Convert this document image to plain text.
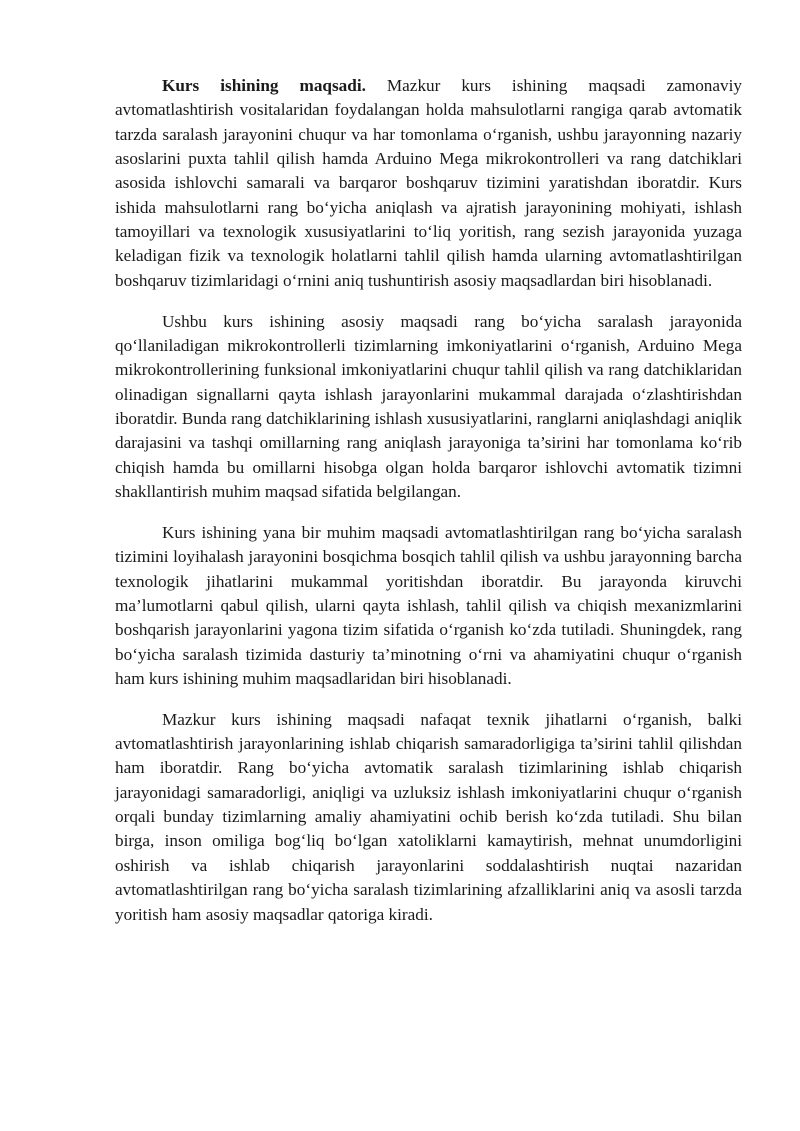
Kurs ishining maqsadi. Mazkur kurs ishining maqsadi zamonaviy avtomatlashtirish vositalaridan foydalangan holda mahsulotlarni rangiga qarab avtomatik tarzda saralash jarayonini chuqur va har tomonlama o‘rganish, ushbu jarayonning nazariy asoslarini puxta tahlil qilish hamda Arduino Mega mikrokontrolleri va rang datchiklari asosida ishlovchi samarali va barqaror boshqaruv tizimini yaratishdan iboratdir. Kurs ishida mahsulotlarni rang bo‘yicha aniqlash va ajratish jarayonining mohiyati, ishlash tamoyillari va texnologik xususiyatlarini to‘liq yoritish, rang sezish jarayonida yuzaga keladigan fizik va texnologik holatlarni tahlil qilish hamda ularning avtomatlashtirilgan boshqaruv tizimlaridagi o‘rnini aniq tushuntirish asosiy maqsadlardan biri hisoblanadi.

Ushbu kurs ishining asosiy maqsadi rang bo‘yicha saralash jarayonida qo‘llaniladigan mikrokontrollerli tizimlarning imkoniyatlarini o‘rganish, Arduino Mega mikrokontrollerining funksional imkoniyatlarini chuqur tahlil qilish va rang datchiklaridan olinadigan signallarni qayta ishlash jarayonlarini mukammal darajada o‘zlashtirishdan iboratdir. Bunda rang datchiklarining ishlash xususiyatlarini, ranglarni aniqlashdagi aniqlik darajasini va tashqi omillarning rang aniqlash jarayoniga ta’sirini har tomonlama ko‘rib chiqish hamda bu omillarni hisobga olgan holda barqaror ishlovchi avtomatik tizimni shakllantirish muhim maqsad sifatida belgilangan.

Kurs ishining yana bir muhim maqsadi avtomatlashtirilgan rang bo‘yicha saralash tizimini loyihalash jarayonini bosqichma bosqich tahlil qilish va ushbu jarayonning barcha texnologik jihatlarini mukammal yoritishdan iboratdir. Bu jarayonda kiruvchi ma’lumotlarni qabul qilish, ularni qayta ishlash, tahlil qilish va chiqish mexanizmlarini boshqarish jarayonlarini yagona tizim sifatida o‘rganish ko‘zda tutiladi. Shuningdek, rang bo‘yicha saralash tizimida dasturiy ta’minotning o‘rni va ahamiyatini chuqur o‘rganish ham kurs ishining muhim maqsadlaridan biri hisoblanadi.

Mazkur kurs ishining maqsadi nafaqat texnik jihatlarni o‘rganish, balki avtomatlashtirish jarayonlarining ishlab chiqarish samaradorligiga ta’sirini tahlil qilishdan ham iboratdir. Rang bo‘yicha avtomatik saralash tizimlarining ishlab chiqarish jarayonidagi samaradorligi, aniqligi va uzluksiz ishlash imkoniyatlarini chuqur o‘rganish orqali bunday tizimlarning amaliy ahamiyatini ochib berish ko‘zda tutiladi. Shu bilan birga, inson omiliga bog‘liq bo‘lgan xatoliklarni kamaytirish, mehnat unumdorligini oshirish va ishlab chiqarish jarayonlarini soddalashtirish nuqtai nazaridan avtomatlashtirilgan rang bo‘yicha saralash tizimlarining afzalliklarini aniq va asosli tarzda yoritish ham asosiy maqsadlar qatoriga kiradi.
